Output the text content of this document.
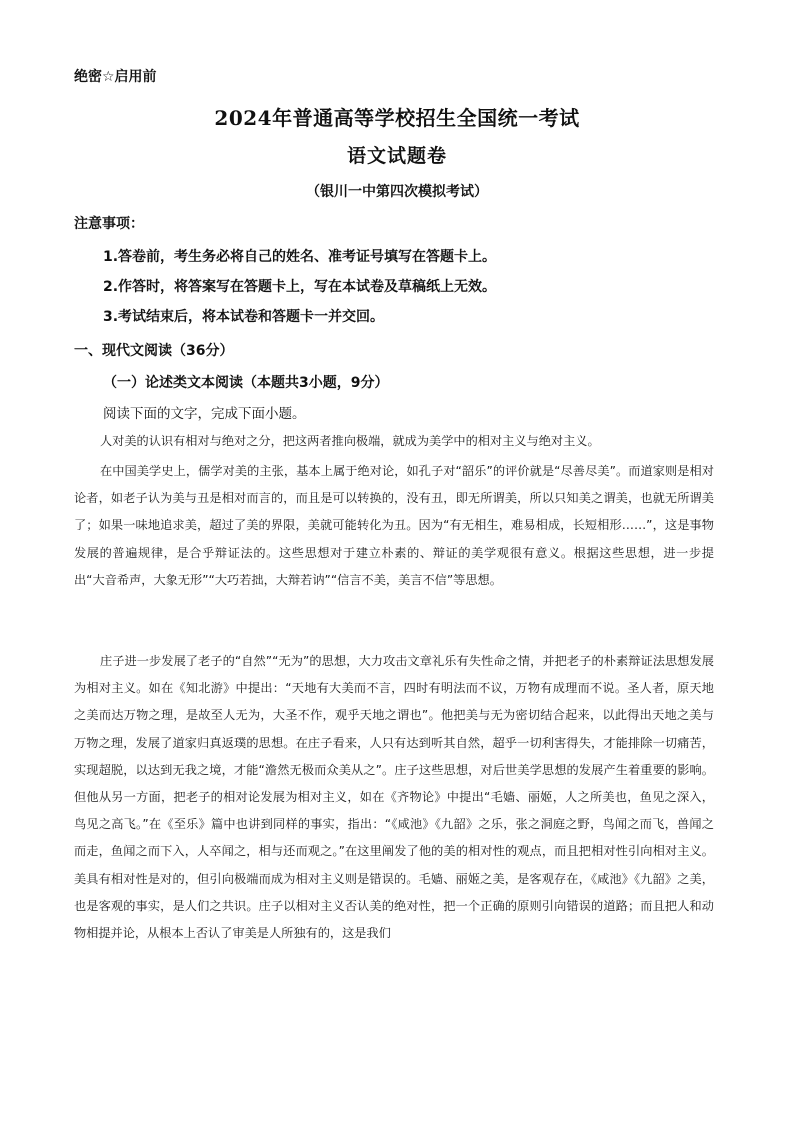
绝密☆启用前
2024年普通高等学校招生全国统一考试
语文试题卷
（银川一中第四次模拟考试）
注意事项：
1.答卷前，考生务必将自己的姓名、准考证号填写在答题卡上。
2.作答时，将答案写在答题卡上，写在本试卷及草稿纸上无效。
3.考试结束后，将本试卷和答题卡一并交回。
一、现代文阅读（36分）
（一）论述类文本阅读（本题共3小题，9分）
阅读下面的文字，完成下面小题。

人对美的认识有相对与绝对之分，把这两者推向极端，就成为美学中的相对主义与绝对主义。

在中国美学史上，儒学对美的主张，基本上属于绝对论，如孔子对“韶乐”的评价就是“尽善尽美”。而道家则是相对论者，如老子认为美与丑是相对而言的，而且是可以转换的，没有丑，即无所谓美，所以只知美之谓美，也就无所谓美了；如果一味地追求美，超过了美的界限，美就可能转化为丑。因为“有无相生，难易相成，长短相形……”，这是事物发展的普遍规律，是合乎辩证法的。这些思想对于建立朴素的、辩证的美学观很有意义。根据这些思想，进一步提出“大音希声，大象无形”“大巧若拙，大辩若讷”“信言不美，美言不信”等思想。

庄子进一步发展了老子的“自然”“无为”的思想，大力攻击文章礼乐有失性命之情，并把老子的朴素辩证法思想发展为相对主义。如在《知北游》中提出：“天地有大美而不言，四时有明法而不议，万物有成理而不说。圣人者，原天地之美而达万物之理，是故至人无为，大圣不作，观乎天地之谓也”。他把美与无为密切结合起来，以此得出天地之美与万物之理，发展了道家归真返璞的思想。在庄子看来，人只有达到听其自然，超乎一切利害得失，才能排除一切痛苦，实现超脱，以达到无我之境，才能“澹然无极而众美从之”。庄子这些思想，对后世美学思想的发展产生着重要的影响。但他从另一方面，把老子的相对论发展为相对主义，如在《齐物论》中提出“毛嫱、丽姬，人之所美也，鱼见之深入，鸟见之高飞。”在《至乐》篇中也讲到同样的事实，指出：“《咸池》《九韶》之乐，张之洞庭之野，鸟闻之而飞，兽闻之而走，鱼闻之而下入，人卒闻之，相与还而观之。”在这里阐发了他的美的相对性的观点，而且把相对性引向相对主义。美具有相对性是对的，但引向极端而成为相对主义则是错误的。毛嫱、丽姬之美，是客观存在，《咸池》《九韶》之美，也是客观的事实，是人们之共识。庄子以相对主义否认美的绝对性，把一个正确的原则引向错误的道路；而且把人和动物相提并论，从根本上否认了审美是人所独有的，这是我们
